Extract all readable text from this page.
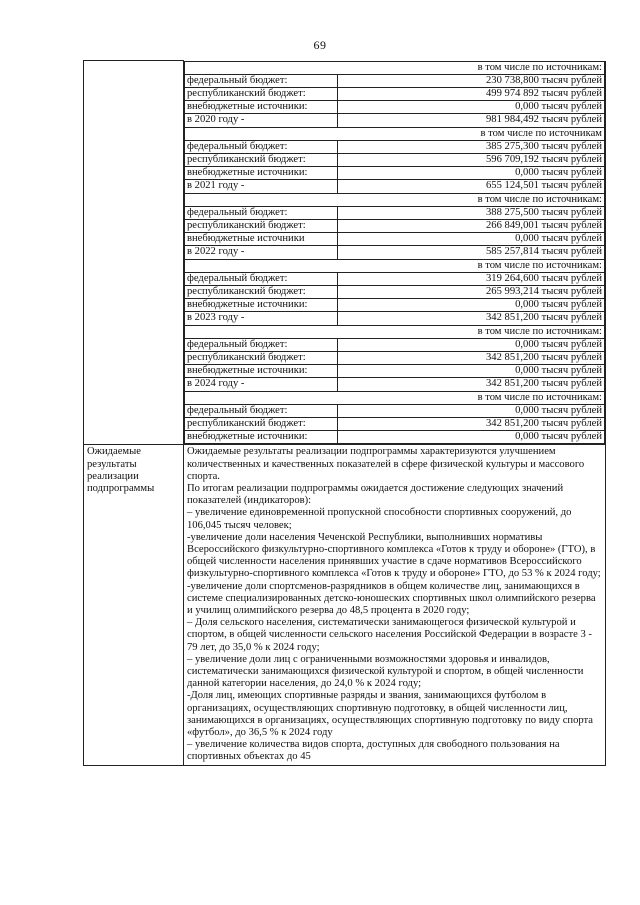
69

в том числе по источникам:
федеральный бюджет:	230 738,800 тысяч рублей
республиканский бюджет:	499 974 892 тысяч рублей
внебюджетные источники:	0,000 тысяч рублей
в 2020 году -	981 984,492 тысяч рублей
в том числе по источникам
федеральный бюджет:	385 275,300 тысяч рублей
республиканский бюджет:	596 709,192 тысяч рублей
внебюджетные источники:	0,000 тысяч рублей
в 2021 году -	655 124,501 тысяч рублей
в том числе по источникам:
федеральный бюджет:	388 275,500 тысяч рублей
республиканский бюджет:	266 849,001 тысяч рублей
внебюджетные источники	0,000 тысяч рублей
в 2022 году -	585 257,814 тысяч рублей
в том числе по источникам:
федеральный бюджет:	319 264,600 тысяч рублей
республиканский бюджет:	265 993,214 тысяч рублей
внебюджетные источники:	0,000 тысяч рублей
в 2023 году -	342 851,200 тысяч рублей
в том числе по источникам:
федеральный бюджет:	0,000 тысяч рублей
республиканский бюджет:	342 851,200 тысяч рублей
внебюджетные источники:	0,000 тысяч рублей
в 2024 году -	342 851,200 тысяч рублей
в том числе по источникам:
федеральный бюджет:	0,000 тысяч рублей
республиканский бюджет:	342 851,200 тысяч рублей
внебюджетные источники:	0,000 тысяч рублей

Ожидаемые результаты реализации подпрограммы	

Ожидаемые результаты реализации подпрограммы характеризуются улучшением количественных и качественных показателей в сфере физической культуры и массового спорта.

По итогам реализации подпрограммы ожидается достижение следующих значений показателей (индикаторов):

– увеличение единовременной пропускной способности спортивных сооружений, до 106,045 тысяч человек;

-увеличение доли населения Чеченской Республики, выполнивших нормативы Всероссийского физкультурно-спортивного комплекса «Готов к труду и обороне» (ГТО), в общей численности населения принявших участие в сдаче нормативов Всероссийского физкультурно-спортивного комплекса «Готов к труду и обороне» ГТО, до 53 % к 2024 году;

-увеличение доли спортсменов-разрядников в общем количестве лиц, занимающихся в системе специализированных детско-юношеских спортивных школ олимпийского резерва и училищ олимпийского резерва до 48,5 процента в 2020 году;

– Доля сельского населения, систематически занимающегося физической культурой и спортом, в общей численности сельского населения Российской Федерации в возрасте 3 - 79 лет, до 35,0 % к 2024 году;

– увеличение доли лиц с ограниченными возможностями здоровья и инвалидов, систематически занимающихся физической культурой и спортом, в общей численности данной категории населения, до 24,0 % к 2024 году;

-Доля лиц, имеющих спортивные разряды и звания, занимающихся футболом в организациях, осуществляющих спортивную подготовку, в общей численности лиц, занимающихся в организациях, осуществляющих спортивную подготовку по виду спорта «футбол», до 36,5 % к 2024 году

– увеличение количества видов спорта, доступных для свободного пользования на спортивных объектах до 45
